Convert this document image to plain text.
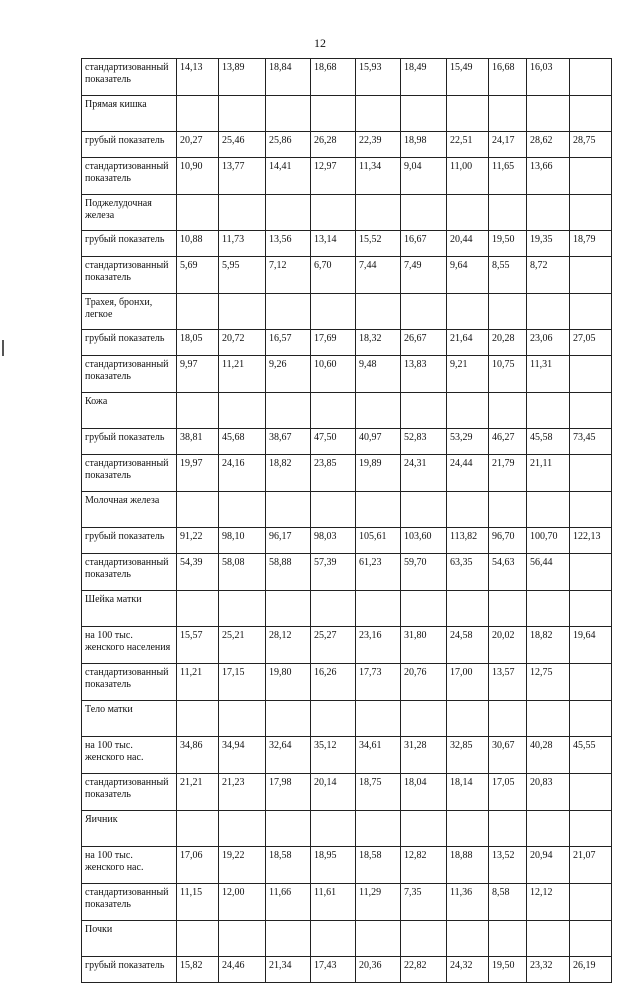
12
стандартизованный показатель	14,13	13,89	18,84	18,68	15,93	18,49	15,49	16,68	16,03	
Прямая кишка										
грубый показатель	20,27	25,46	25,86	26,28	22,39	18,98	22,51	24,17	28,62	28,75
стандартизованный показатель	10,90	13,77	14,41	12,97	11,34	9,04	11,00	11,65	13,66	
Поджелудочная железа										
грубый показатель	10,88	11,73	13,56	13,14	15,52	16,67	20,44	19,50	19,35	18,79
стандартизованный показатель	5,69	5,95	7,12	6,70	7,44	7,49	9,64	8,55	8,72	
Трахея, бронхи, легкое										
грубый показатель	18,05	20,72	16,57	17,69	18,32	26,67	21,64	20,28	23,06	27,05
стандартизованный показатель	9,97	11,21	9,26	10,60	9,48	13,83	9,21	10,75	11,31	
Кожа										
грубый показатель	38,81	45,68	38,67	47,50	40,97	52,83	53,29	46,27	45,58	73,45
стандартизованный показатель	19,97	24,16	18,82	23,85	19,89	24,31	24,44	21,79	21,11	
Молочная железа										
грубый показатель	91,22	98,10	96,17	98,03	105,61	103,60	113,82	96,70	100,70	122,13
стандартизованный показатель	54,39	58,08	58,88	57,39	61,23	59,70	63,35	54,63	56,44	
Шейка матки										
на 100 тыс. женского населения	15,57	25,21	28,12	25,27	23,16	31,80	24,58	20,02	18,82	19,64
стандартизованный показатель	11,21	17,15	19,80	16,26	17,73	20,76	17,00	13,57	12,75	
Тело матки										
на 100 тыс. женского нас.	34,86	34,94	32,64	35,12	34,61	31,28	32,85	30,67	40,28	45,55
стандартизованный показатель	21,21	21,23	17,98	20,14	18,75	18,04	18,14	17,05	20,83	
Яичник										
на 100 тыс. женского нас.	17,06	19,22	18,58	18,95	18,58	12,82	18,88	13,52	20,94	21,07
стандартизованный показатель	11,15	12,00	11,66	11,61	11,29	7,35	11,36	8,58	12,12	
Почки										
грубый показатель	15,82	24,46	21,34	17,43	20,36	22,82	24,32	19,50	23,32	26,19
